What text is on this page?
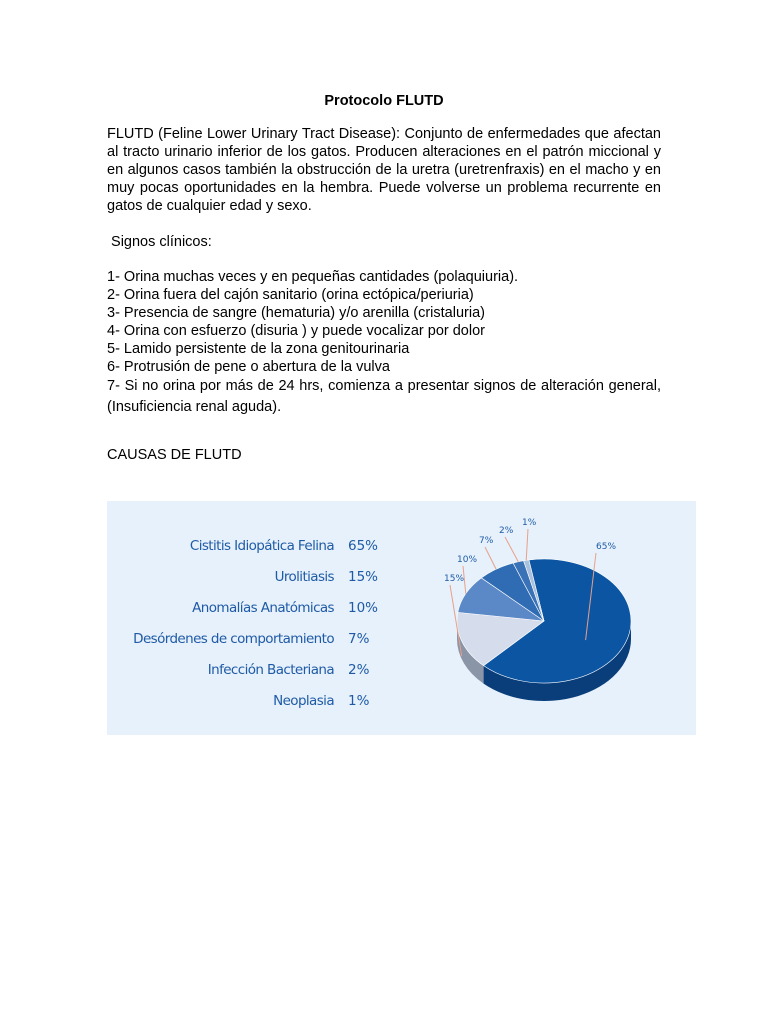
Protocolo FLUTD

FLUTD (Feline Lower Urinary Tract Disease): Conjunto de enfermedades que afectan al tracto urinario inferior de los gatos. Producen alteraciones en el patrón miccional y en algunos casos también la obstrucción de la uretra (uretrenfraxis) en el macho y en muy pocas oportunidades en la hembra. Puede volverse un problema recurrente en gatos de cualquier edad y sexo.

Signos clínicos:

1- Orina muchas veces y en pequeñas cantidades (polaquiuria).
2- Orina fuera del cajón sanitario (orina ectópica/periuria)
3- Presencia de sangre (hematuria) y/o arenilla (cristaluria)
4- Orina con esfuerzo (disuria ) y puede vocalizar por dolor
5- Lamido persistente de la zona genitourinaria
6- Protrusión de pene o abertura de la vulva
7- Si no orina por más de 24 hrs, comienza a presentar signos de alteración general, (Insuficiencia renal aguda).

CAUSAS DE FLUTD

Cistitis Idiopática Felina 65%
Urolitiasis 15%
Anomalías Anatómicas 10%
Desórdenes de comportamiento 7%
Infección Bacteriana 2%
Neoplasia 1%
65%
15%
10%
7%
2%
1%
